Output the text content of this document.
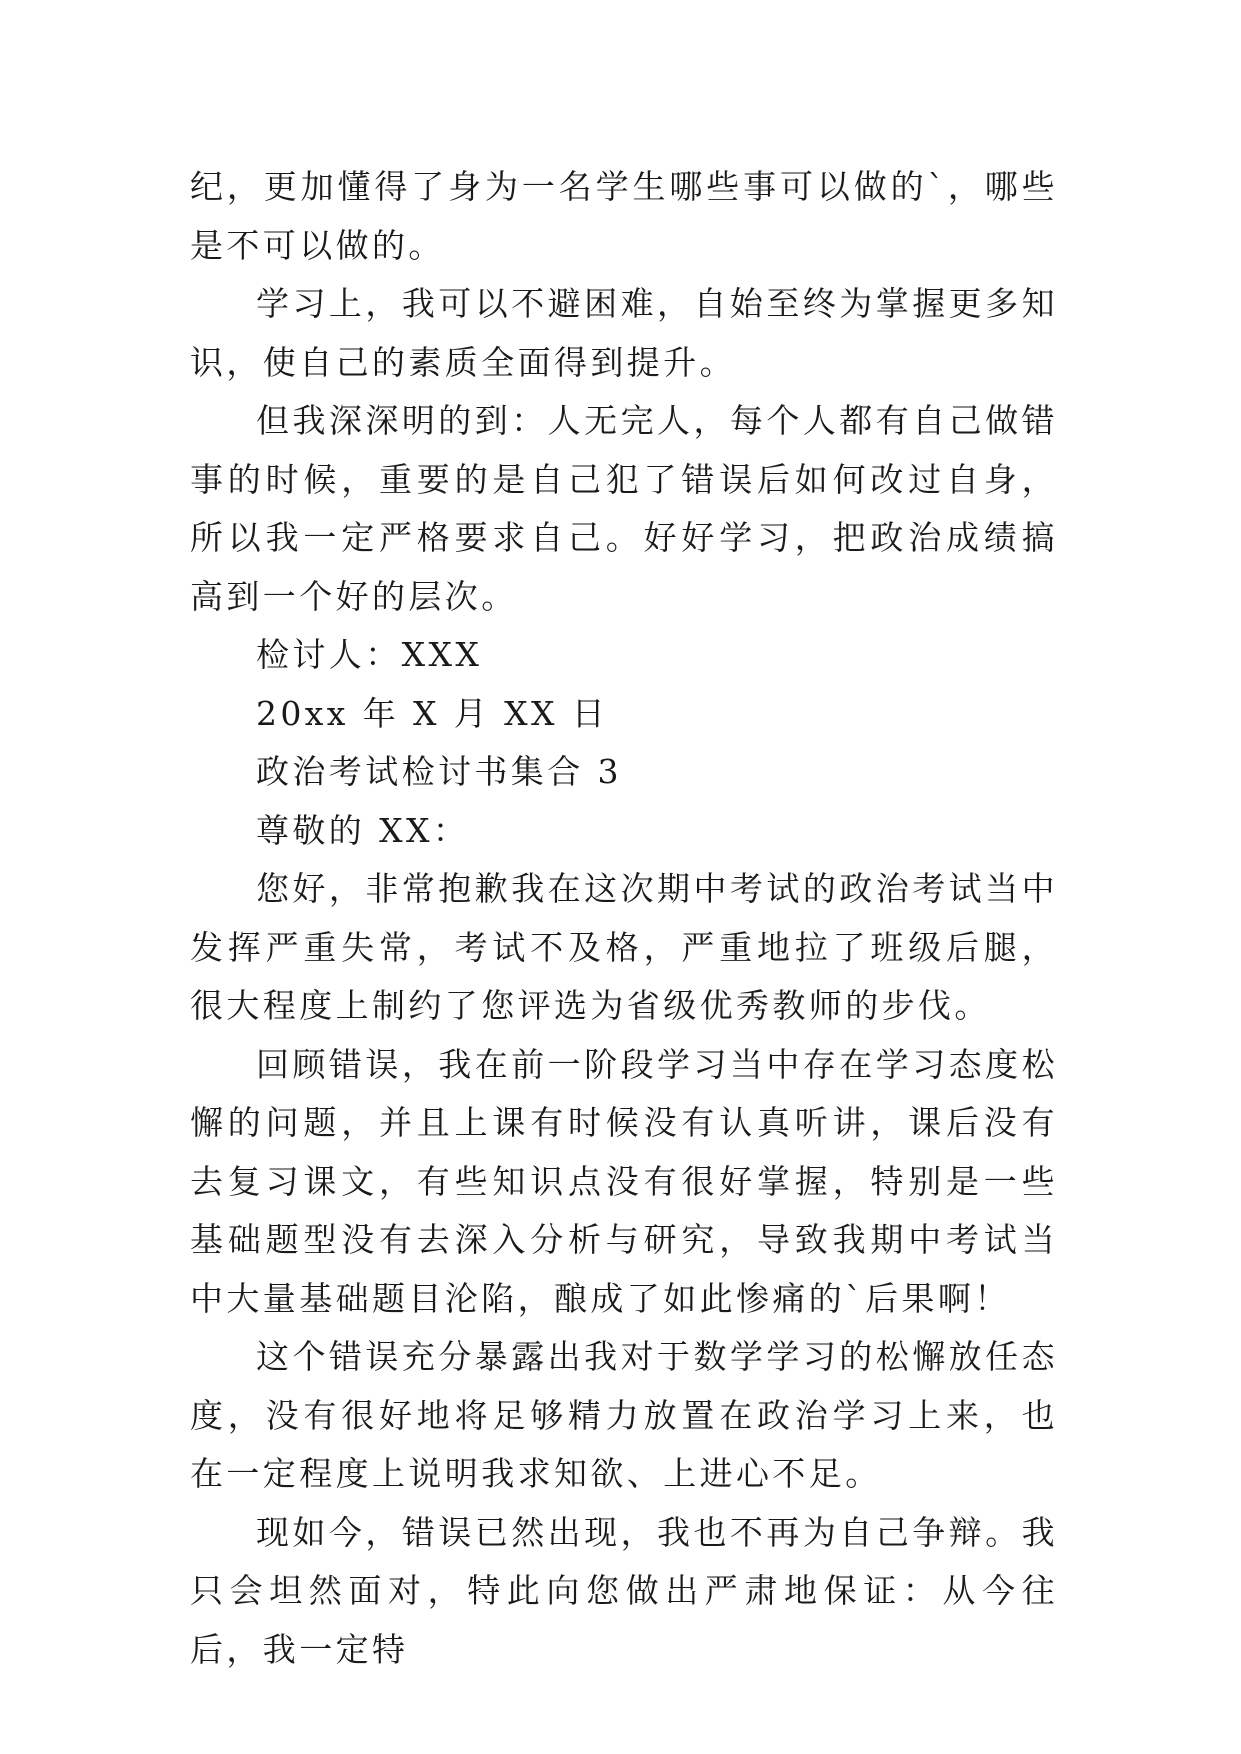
纪，更加懂得了身为一名学生哪些事可以做的`，哪些是不可以做的。

学习上，我可以不避困难，自始至终为掌握更多知识，使自己的素质全面得到提升。

但我深深明的到：人无完人，每个人都有自己做错事的时候，重要的是自己犯了错误后如何改过自身，所以我一定严格要求自己。好好学习，把政治成绩搞高到一个好的层次。

检讨人：XXX

20xx 年 X 月 XX 日

政治考试检讨书集合 3

尊敬的 XX：

您好，非常抱歉我在这次期中考试的政治考试当中发挥严重失常，考试不及格，严重地拉了班级后腿，很大程度上制约了您评选为省级优秀教师的步伐。

回顾错误，我在前一阶段学习当中存在学习态度松懈的问题，并且上课有时候没有认真听讲，课后没有去复习课文，有些知识点没有很好掌握，特别是一些基础题型没有去深入分析与研究，导致我期中考试当中大量基础题目沦陷，酿成了如此惨痛的`后果啊！

这个错误充分暴露出我对于数学学习的松懈放任态度，没有很好地将足够精力放置在政治学习上来，也在一定程度上说明我求知欲、上进心不足。

现如今，错误已然出现，我也不再为自己争辩。我只会坦然面对，特此向您做出严肃地保证：从今往后，我一定特
